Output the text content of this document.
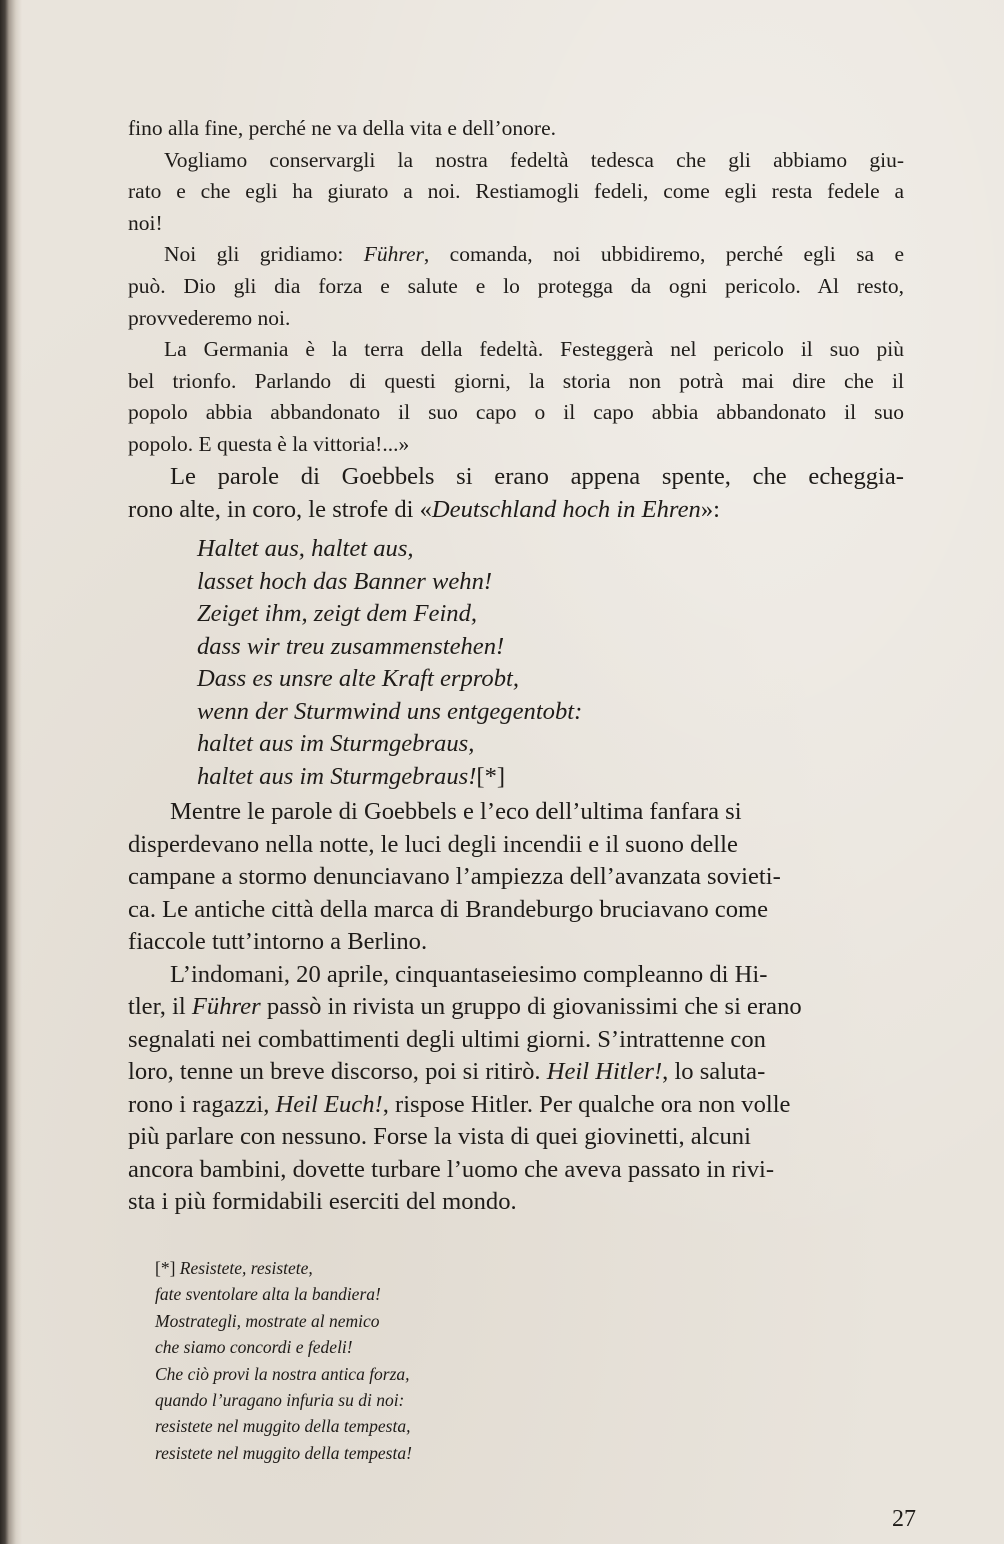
fino alla fine, perché ne va della vita e dell’onore.
Vogliamo conservargli la nostra fedeltà tedesca che gli abbiamo giu-
rato e che egli ha giurato a noi. Restiamogli fedeli, come egli resta fedele a
noi!
Noi gli gridiamo: Führer, comanda, noi ubbidiremo, perché egli sa e
può. Dio gli dia forza e salute e lo protegga da ogni pericolo. Al resto,
provvederemo noi.
La Germania è la terra della fedeltà. Festeggerà nel pericolo il suo più
bel trionfo. Parlando di questi giorni, la storia non potrà mai dire che il
popolo abbia abbandonato il suo capo o il capo abbia abbandonato il suo
popolo. E questa è la vittoria!...»
Le parole di Goebbels si erano appena spente, che echeggia-
rono alte, in coro, le strofe di «Deutschland hoch in Ehren»:
Haltet aus, haltet aus,
lasset hoch das Banner wehn!
Zeiget ihm, zeigt dem Feind,
dass wir treu zusammenstehen!
Dass es unsre alte Kraft erprobt,
wenn der Sturmwind uns entgegentobt:
haltet aus im Sturmgebraus,
haltet aus im Sturmgebraus![*]
Mentre le parole di Goebbels e l’eco dell’ultima fanfara si
disperdevano nella notte, le luci degli incendii e il suono delle
campane a stormo denunciavano l’ampiezza dell’avanzata sovieti-
ca. Le antiche città della marca di Brandeburgo bruciavano come
fiaccole tutt’intorno a Berlino.
L’indomani, 20 aprile, cinquantaseiesimo compleanno di Hi-
tler, il Führer passò in rivista un gruppo di giovanissimi che si erano
segnalati nei combattimenti degli ultimi giorni. S’intrattenne con
loro, tenne un breve discorso, poi si ritirò. Heil Hitler!, lo saluta-
rono i ragazzi, Heil Euch!, rispose Hitler. Per qualche ora non volle
più parlare con nessuno. Forse la vista di quei giovinetti, alcuni
ancora bambini, dovette turbare l’uomo che aveva passato in rivi-
sta i più formidabili eserciti del mondo.
[*] Resistete, resistete,
fate sventolare alta la bandiera!
Mostrategli, mostrate al nemico
che siamo concordi e fedeli!
Che ciò provi la nostra antica forza,
quando l’uragano infuria su di noi:
resistete nel muggito della tempesta,
resistete nel muggito della tempesta!
27
